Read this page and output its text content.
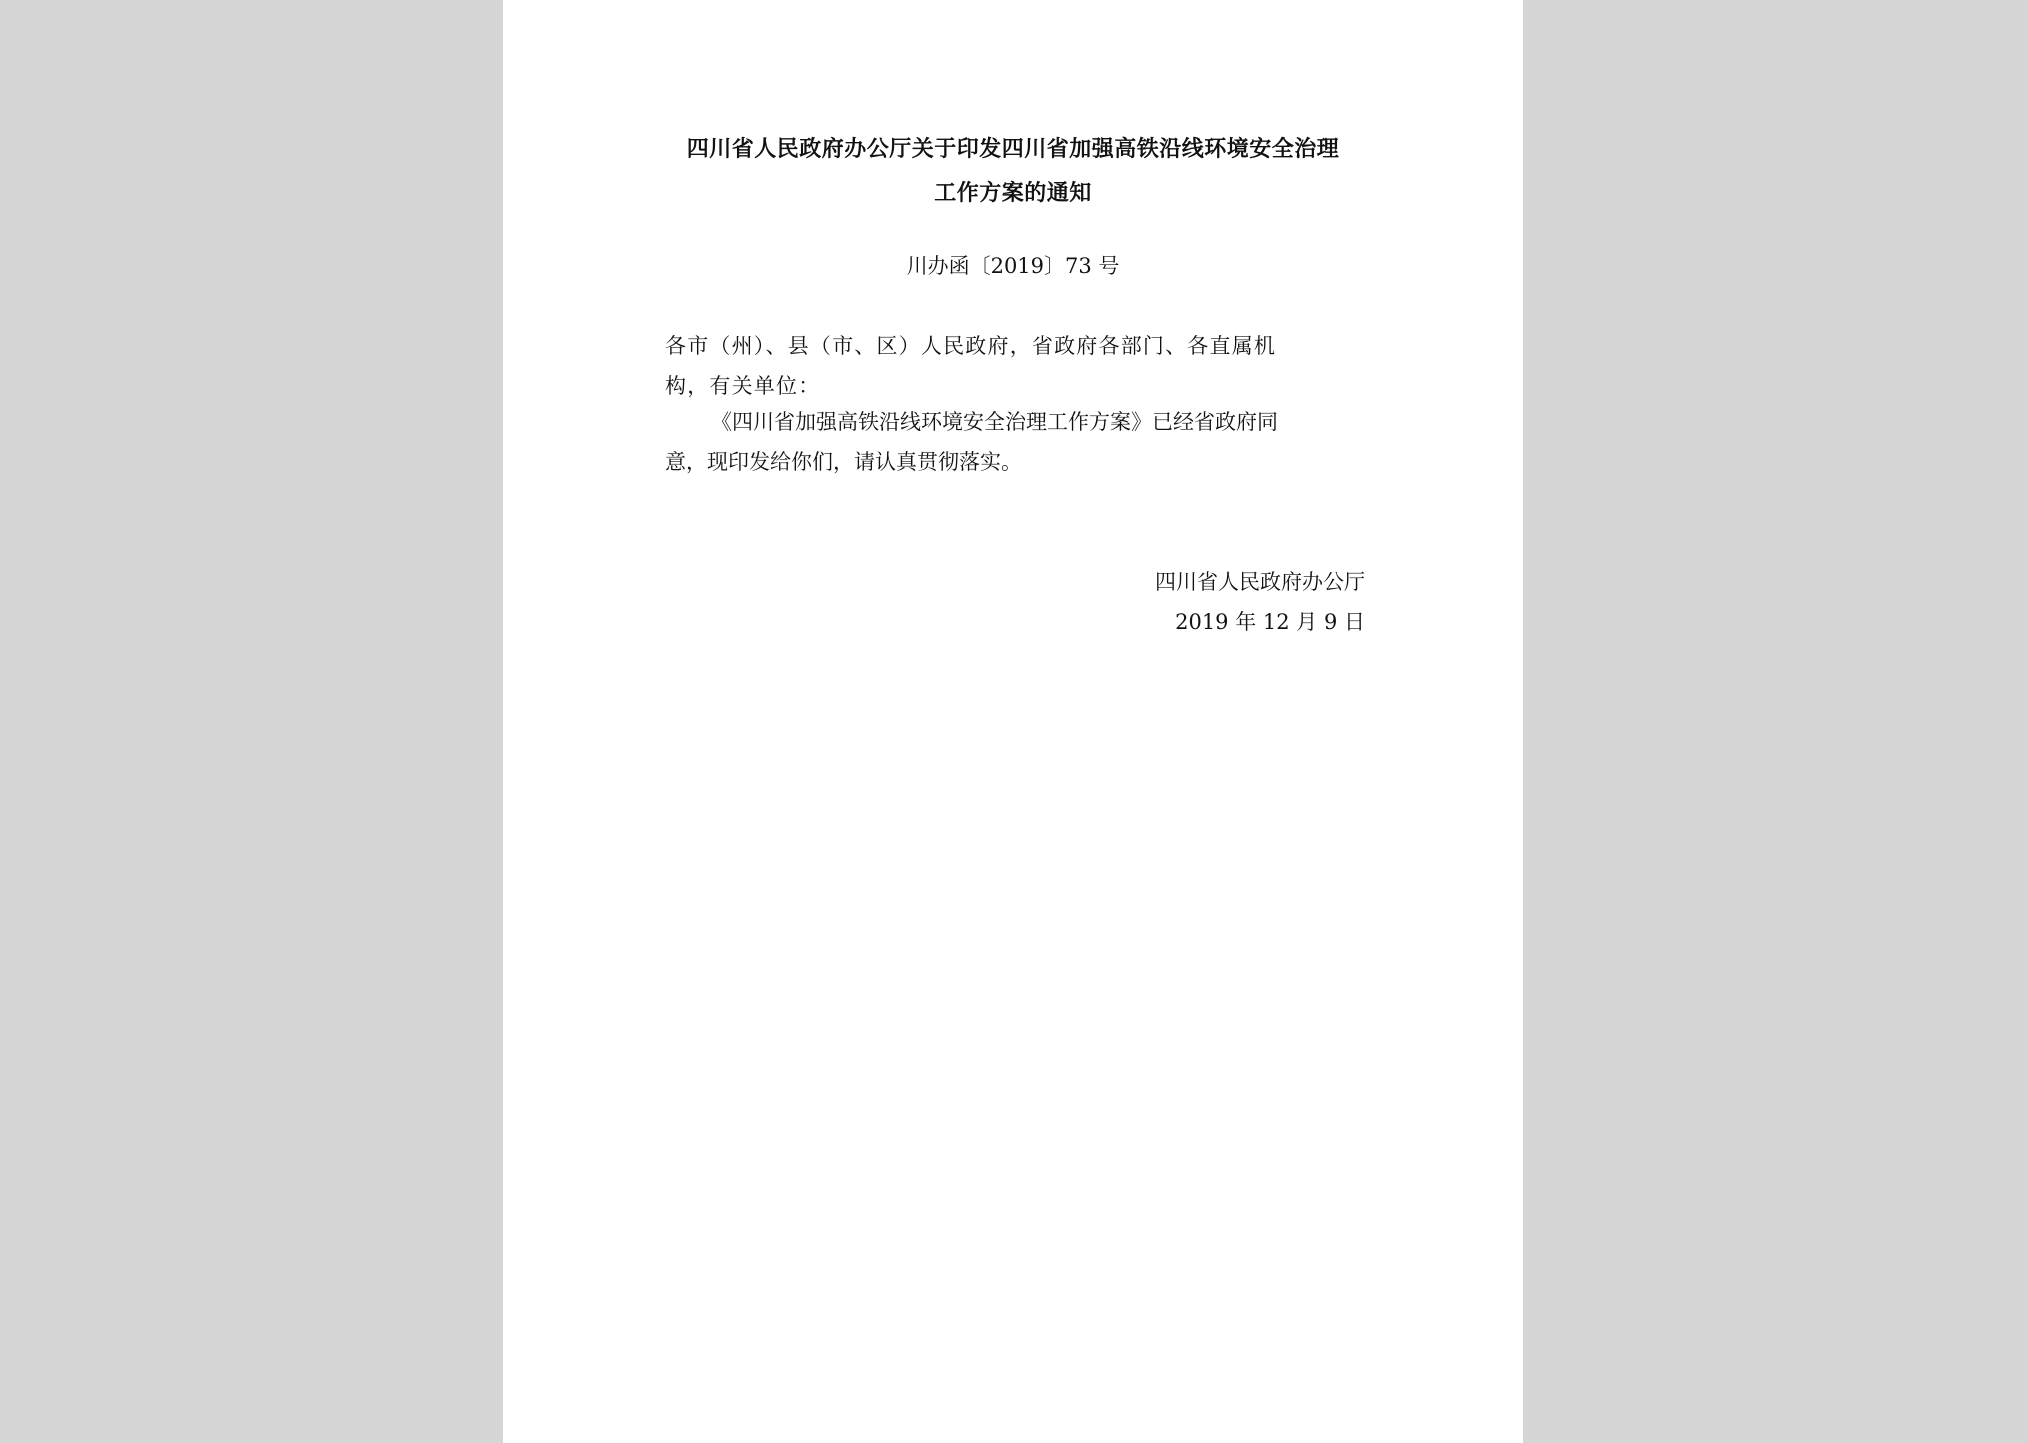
四川省人民政府办公厅关于印发四川省加强高铁沿线环境安全治理
工作方案的通知
川办函〔2019〕73 号
各市（州）、县（市、区）人民政府，省政府各部门、各直属机
构，有关单位：
《四川省加强高铁沿线环境安全治理工作方案》已经省政府同
意，现印发给你们，请认真贯彻落实。
四川省人民政府办公厅
2019 年 12 月 9 日
